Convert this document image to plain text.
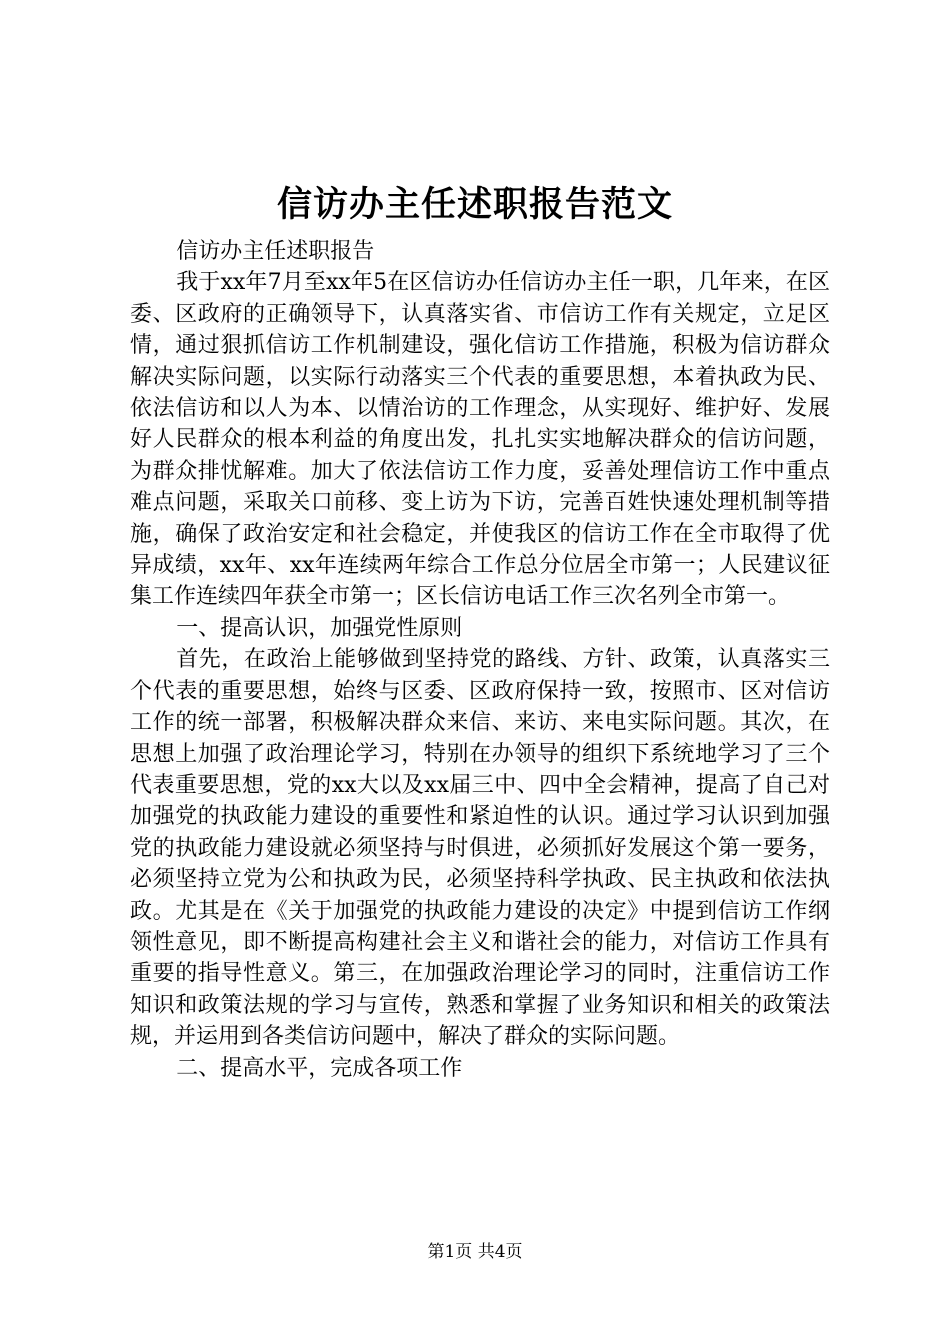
信访办主任述职报告范文

信访办主任述职报告

我于xx年7月至xx年5在区信访办任信访办主任一职，几年来，在区委、区政府的正确领导下，认真落实省、市信访工作有关规定，立足区情，通过狠抓信访工作机制建设，强化信访工作措施，积极为信访群众解决实际问题，以实际行动落实三个代表的重要思想，本着执政为民、依法信访和以人为本、以情治访的工作理念，从实现好、维护好、发展好人民群众的根本利益的角度出发，扎扎实实地解决群众的信访问题，为群众排忧解难。加大了依法信访工作力度，妥善处理信访工作中重点难点问题，采取关口前移、变上访为下访，完善百姓快速处理机制等措施，确保了政治安定和社会稳定，并使我区的信访工作在全市取得了优异成绩，xx年、xx年连续两年综合工作总分位居全市第一；人民建议征集工作连续四年获全市第一；区长信访电话工作三次名列全市第一。

一、提高认识，加强党性原则

首先，在政治上能够做到坚持党的路线、方针、政策，认真落实三个代表的重要思想，始终与区委、区政府保持一致，按照市、区对信访工作的统一部署，积极解决群众来信、来访、来电实际问题。其次，在思想上加强了政治理论学习，特别在办领导的组织下系统地学习了三个代表重要思想，党的xx大以及xx届三中、四中全会精神，提高了自己对加强党的执政能力建设的重要性和紧迫性的认识。通过学习认识到加强党的执政能力建设就必须坚持与时俱进，必须抓好发展这个第一要务，必须坚持立党为公和执政为民，必须坚持科学执政、民主执政和依法执政。尤其是在《关于加强党的执政能力建设的决定》中提到信访工作纲领性意见，即不断提高构建社会主义和谐社会的能力，对信访工作具有重要的指导性意义。第三，在加强政治理论学习的同时，注重信访工作知识和政策法规的学习与宣传，熟悉和掌握了业务知识和相关的政策法规，并运用到各类信访问题中，解决了群众的实际问题。

二、提高水平，完成各项工作

第1页 共4页
